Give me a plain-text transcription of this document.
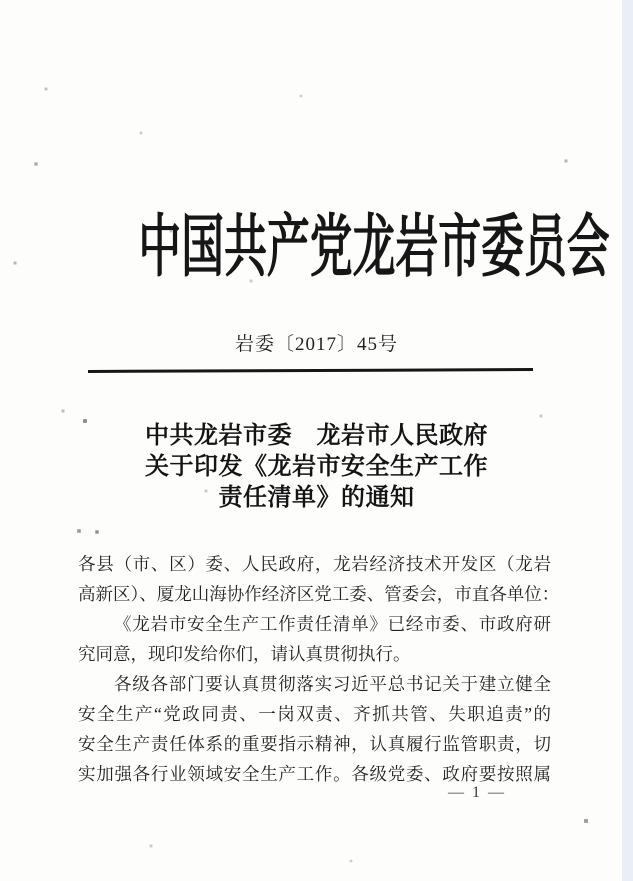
中国共产党龙岩市委员会
岩委〔2017〕45号
中共龙岩市委　龙岩市人民政府
关于印发《龙岩市安全生产工作
责任清单》的通知
各县（市、区）委、人民政府，龙岩经济技术开发区（龙岩
高新区）、厦龙山海协作经济区党工委、管委会，市直各单位：
《龙岩市安全生产工作责任清单》已经市委、市政府研
究同意，现印发给你们，请认真贯彻执行。
各级各部门要认真贯彻落实习近平总书记关于建立健全
安全生产“党政同责、一岗双责、齐抓共管、失职追责”的
安全生产责任体系的重要指示精神，认真履行监管职责，切
实加强各行业领域安全生产工作。各级党委、政府要按照属
— 1 —
